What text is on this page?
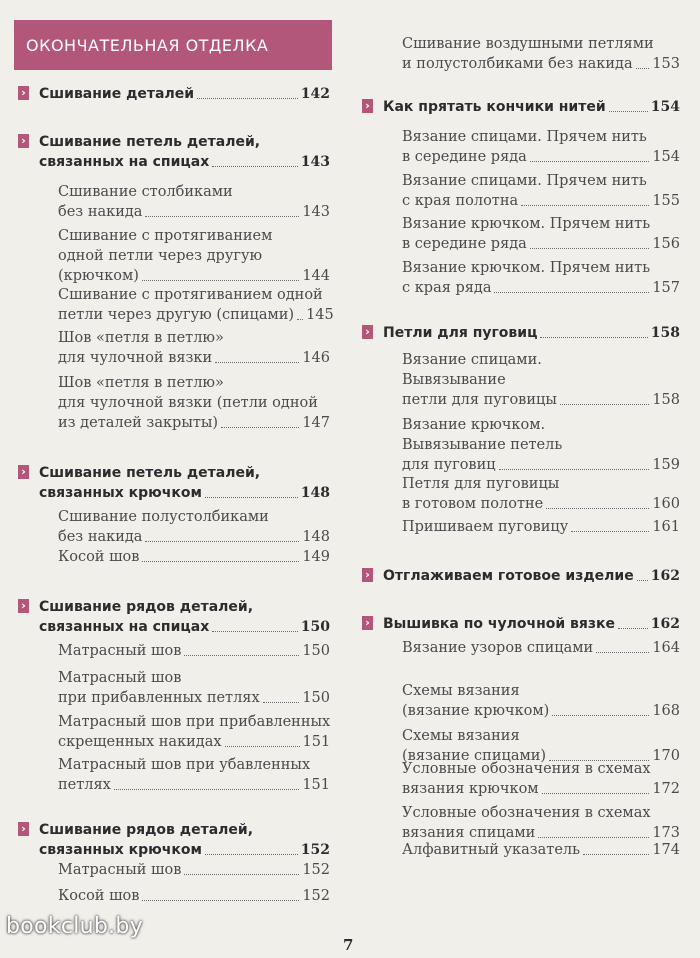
ОКОНЧАТЕЛЬНАЯ ОТДЕЛКА
› Сшивание деталей	142
› Сшивание петель деталей,
связанных на спицах	143
Сшивание столбиками
без накида	143
Сшивание с протягиванием
одной петли через другую
(крючком)	144
Сшивание с протягиванием одной
петли через другую (спицами) 145
Шов «петля в петлю»
для чулочной вязки	146
Шов «петля в петлю»
для чулочной вязки (петли одной
из деталей закрыты)	147
› Сшивание петель деталей,
связанных крючком	148
Сшивание полустолбиками
без накида	148
Косой шов	149
› Сшивание рядов деталей,
связанных на спицах	150
Матрасный шов	150
Матрасный шов
при прибавленных петлях	150
Матрасный шов при прибавленных
скрещенных накидах	151
Матрасный шов при убавленных
петлях	151
› Сшивание рядов деталей,
связанных крючком	152
Матрасный шов	152
Косой шов	152
Сшивание воздушными петлями
и полустолбиками без накида 153
› Как прятать кончики нитей	154
Вязание спицами. Прячем нить
в середине ряда	154
Вязание спицами. Прячем нить
с края полотна	155
Вязание крючком. Прячем нить
в середине ряда	156
Вязание крючком. Прячем нить
с края ряда	157
› Петли для пуговиц	158
Вязание спицами.
Вывязывание
петли для пуговицы	158
Вязание крючком.
Вывязывание петель
для пуговиц	159
Петля для пуговицы
в готовом полотне	160
Пришиваем пуговицу	161
› Отглаживаем готовое изделие 162
› Вышивка по чулочной вязке	162
Вязание узоров спицами	164
Схемы вязания
(вязание крючком)	168
Схемы вязания
(вязание спицами)	170
Условные обозначения в схемах
вязания крючком	172
Условные обозначения в схемах
вязания спицами	173
Алфавитный указатель	174
7
bookclub.by
